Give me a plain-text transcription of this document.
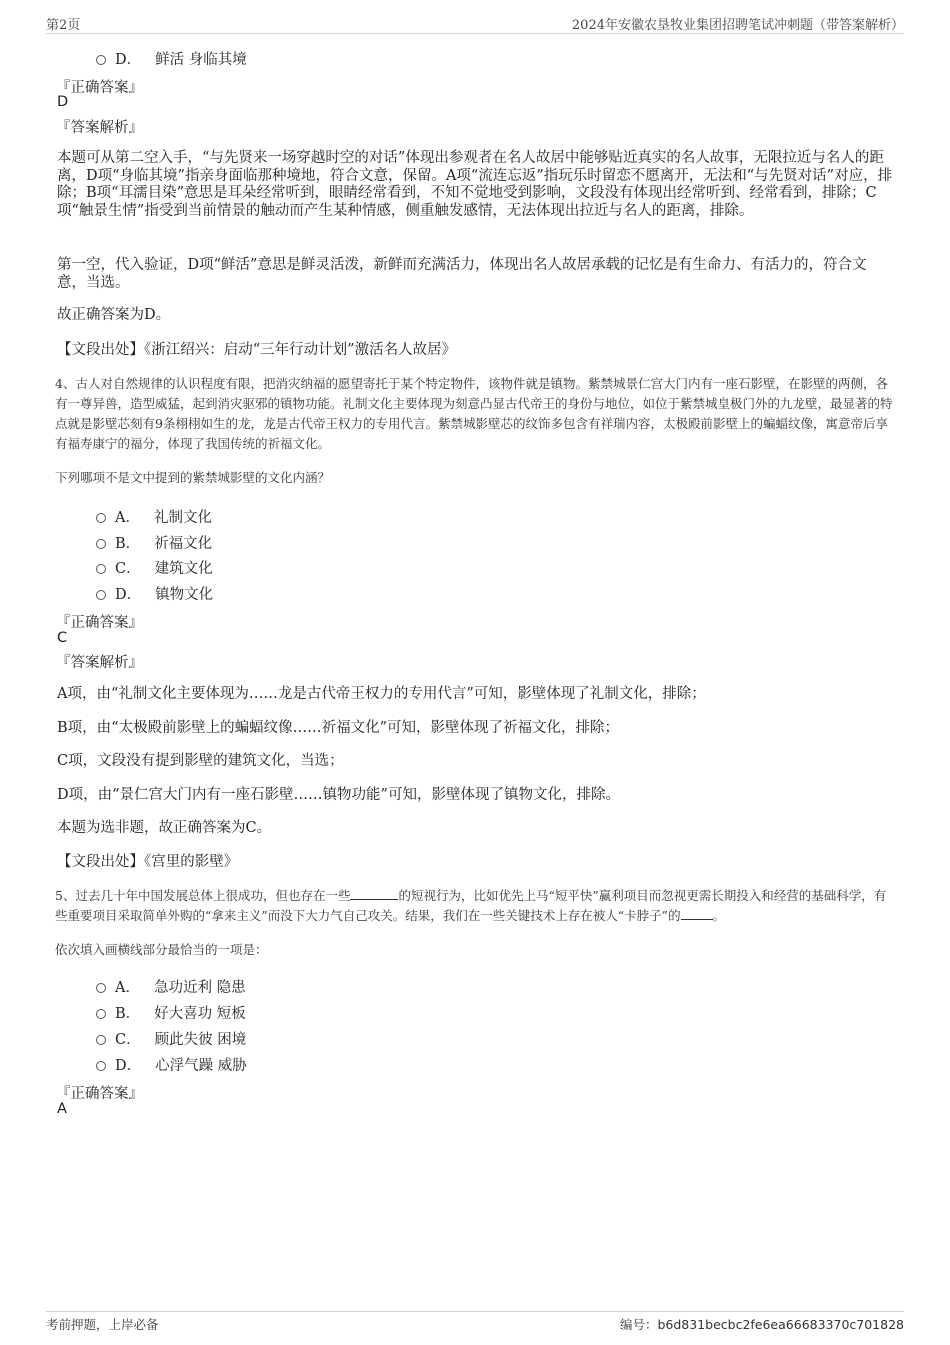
第2页	2024年安徽农垦牧业集团招聘笔试冲刺题（带答案解析）
D． 鲜活 身临其境
『正确答案』
D
『答案解析』
本题可从第二空入手，“与先贤来一场穿越时空的对话”体现出参观者在名人故居中能够贴近真实的名人故事，无限拉近与名人的距离，D项“身临其境”指亲身面临那种境地，符合文意，保留。A项“流连忘返”指玩乐时留恋不愿离开，无法和“与先贤对话”对应，排除；B项“耳濡目染”意思是耳朵经常听到，眼睛经常看到，不知不觉地受到影响，文段没有体现出经常听到、经常看到，排除；C项“触景生情”指受到当前情景的触动而产生某种情感，侧重触发感情，无法体现出拉近与名人的距离，排除。
第一空，代入验证，D项“鲜活”意思是鲜灵活泼，新鲜而充满活力，体现出名人故居承载的记忆是有生命力、有活力的，符合文意，当选。
故正确答案为D。
【文段出处】《浙江绍兴：启动“三年行动计划”激活名人故居》
4、古人对自然规律的认识程度有限，把消灾纳福的愿望寄托于某个特定物件，该物件就是镇物。紫禁城景仁宫大门内有一座石影壁，在影壁的两侧，各有一尊异兽，造型威猛，起到消灾驱邪的镇物功能。礼制文化主要体现为刻意凸显古代帝王的身份与地位，如位于紫禁城皇极门外的九龙壁，最显著的特点就是影壁芯刻有9条栩栩如生的龙，龙是古代帝王权力的专用代言。紫禁城影壁芯的纹饰多包含有祥瑞内容，太极殿前影壁上的蝙蝠纹像，寓意帝后享有福寿康宁的福分，体现了我国传统的祈福文化。
下列哪项不是文中提到的紫禁城影壁的文化内涵？
A． 礼制文化
B． 祈福文化
C． 建筑文化
D． 镇物文化
『正确答案』
C
『答案解析』
A项，由“礼制文化主要体现为……龙是古代帝王权力的专用代言”可知，影壁体现了礼制文化，排除；
B项，由“太极殿前影壁上的蝙蝠纹像……祈福文化”可知，影壁体现了祈福文化，排除；
C项，文段没有提到影壁的建筑文化，当选；
D项，由“景仁宫大门内有一座石影壁……镇物功能”可知，影壁体现了镇物文化，排除。
本题为选非题，故正确答案为C。
【文段出处】《宫里的影壁》
5、过去几十年中国发展总体上很成功，但也存在一些	的短视行为，比如优先上马“短平快”赢利项目而忽视更需长期投入和经营的基础科学，有些重要项目采取简单外购的“拿来主义”而没下大力气自己攻关。结果，我们在一些关键技术上存在被人“卡脖子”的	。
依次填入画横线部分最恰当的一项是：
A． 急功近利 隐患
B． 好大喜功 短板
C． 顾此失彼 困境
D． 心浮气躁 威胁
『正确答案』
A
考前押题，上岸必备	编号：b6d831becbc2fe6ea66683370c701828
